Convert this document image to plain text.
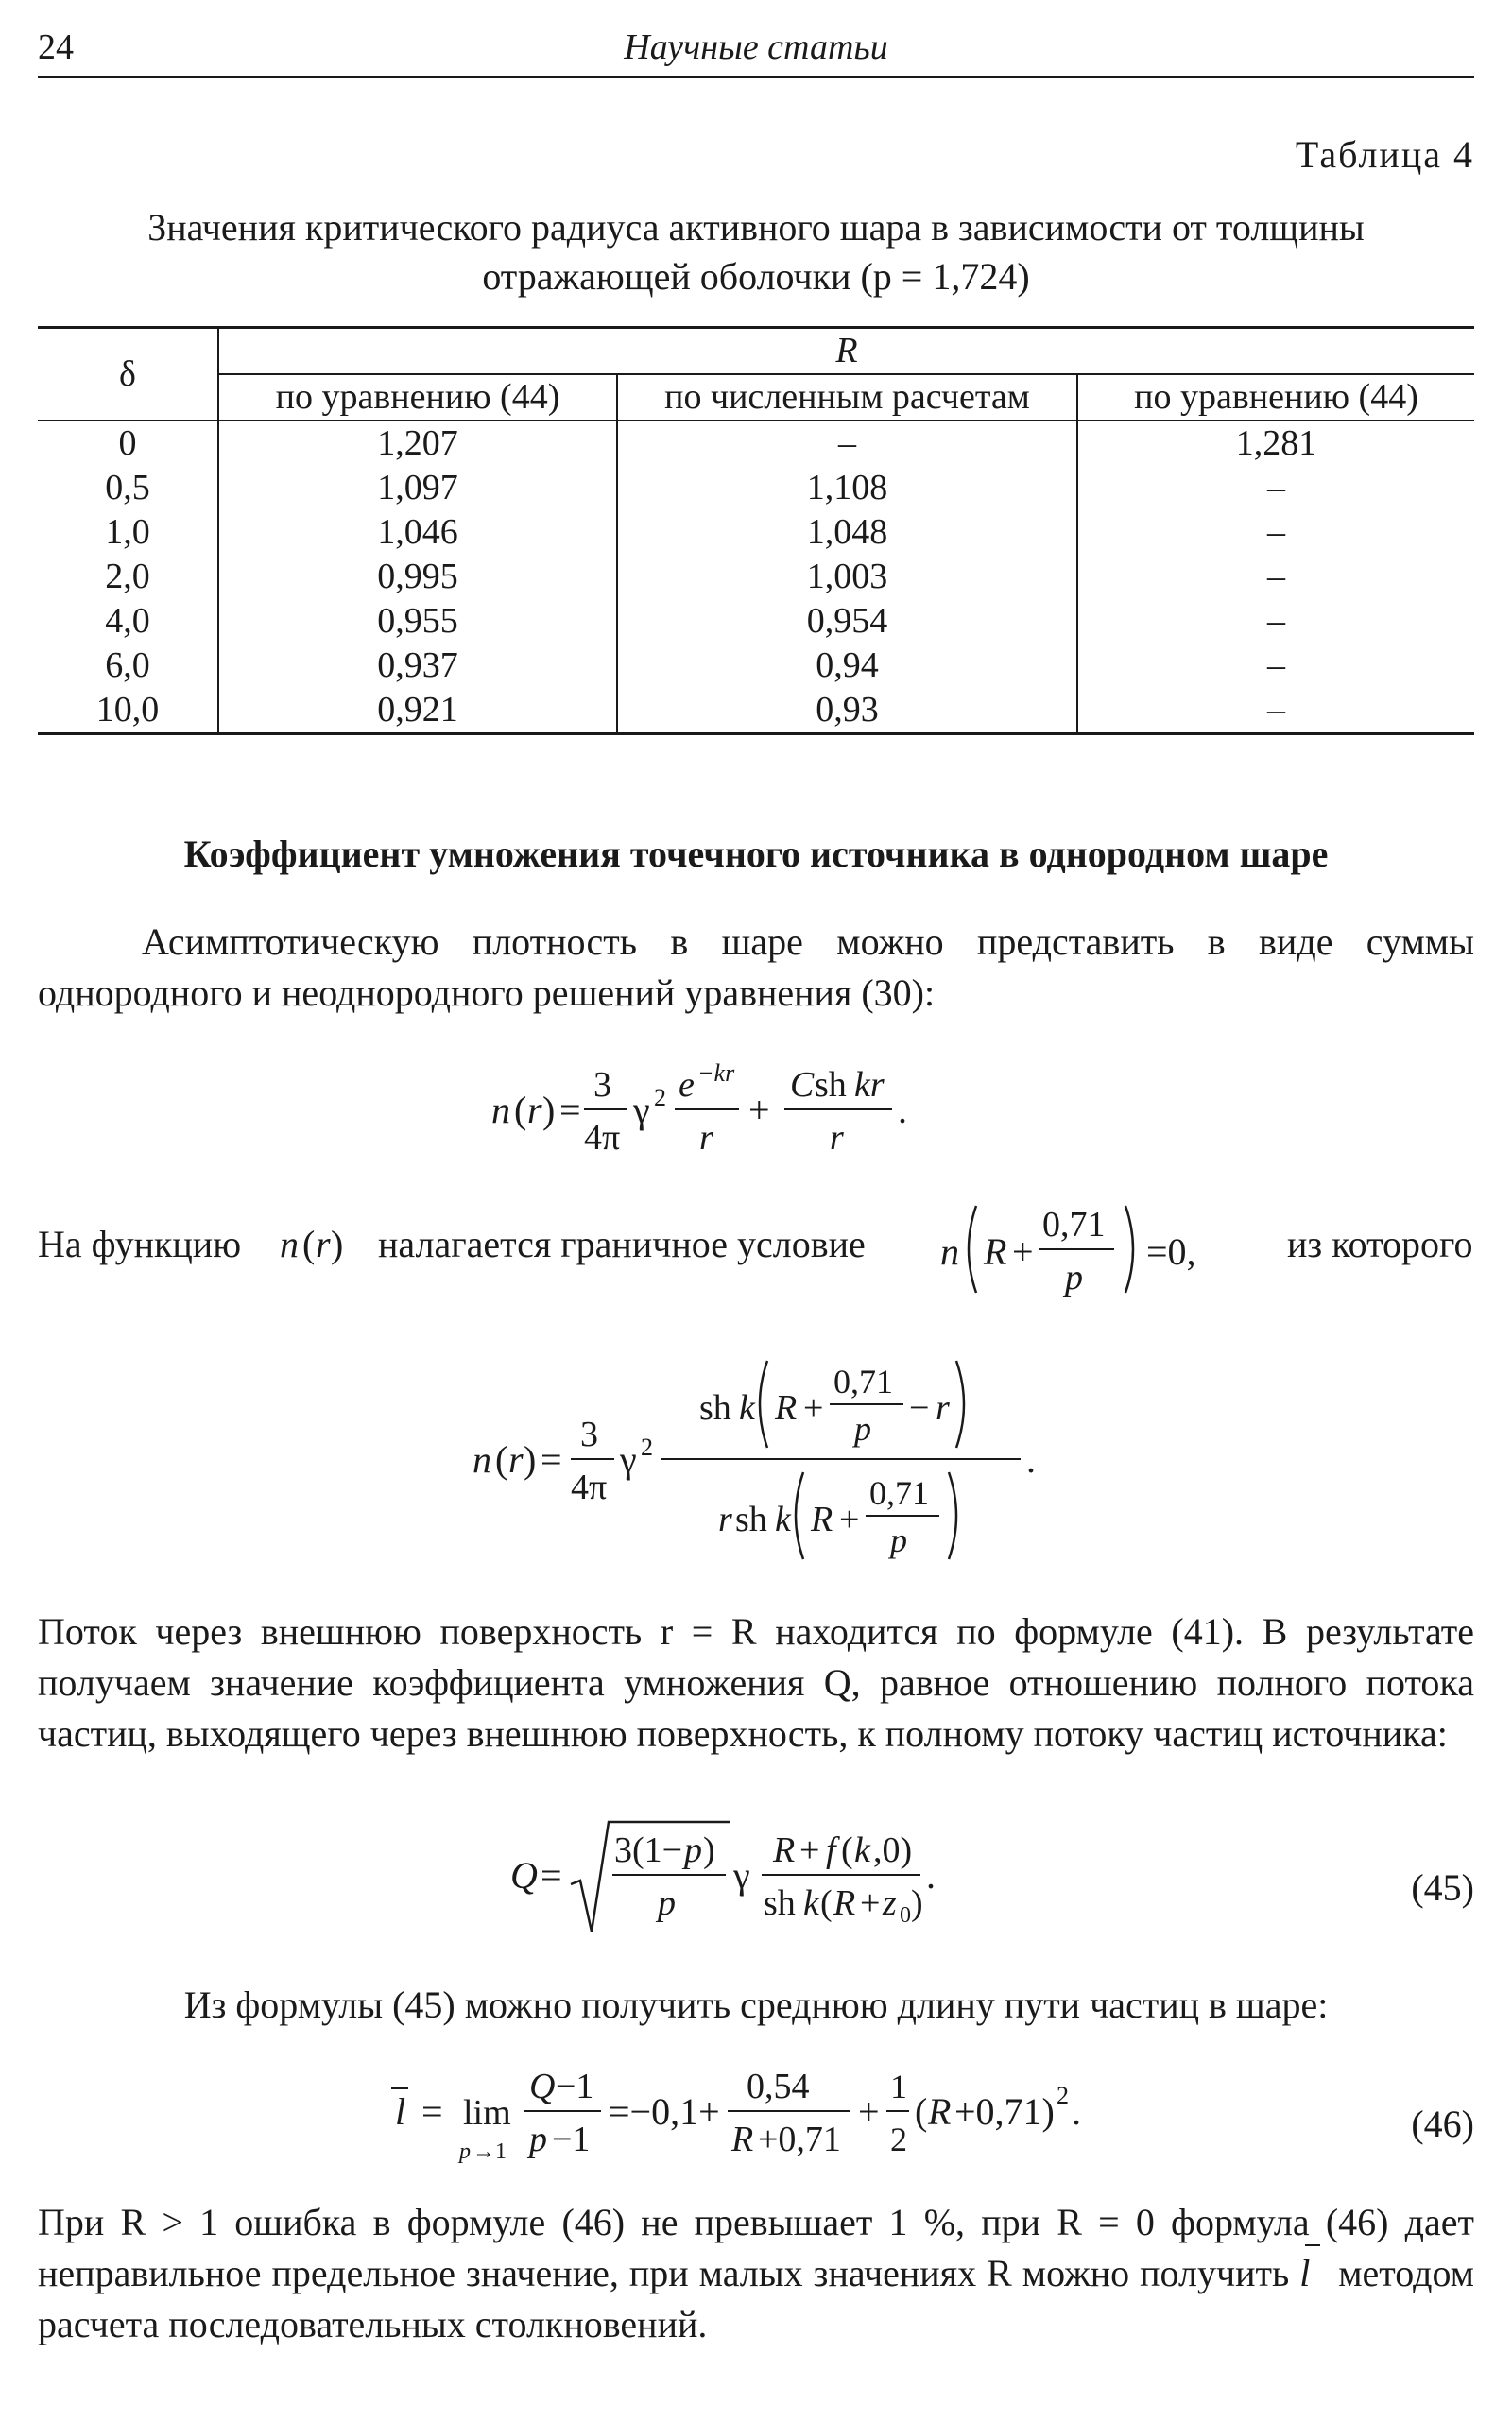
24	Научные статьи
Таблица 4
Значения критического радиуса активного шара в зависимости от толщины отражающей оболочки (p = 1,724)
δ	R		
	по уравнению (44)	по численным расчетам	по уравнению (44)
0	1,207	–	1,281
0,5	1,097	1,108	–
1,0	1,046	1,048	–
2,0	0,995	1,003	–
4,0	0,955	0,954	–
6,0	0,937	0,94	–
10,0	0,921	0,93	–
Коэффициент умножения точечного источника в однородном шаре
Асимптотическую плотность в шаре можно представить в виде суммы однородного и неоднородного решений уравнения (30):
n ( r ) =
3
4π
γ 2 e −kr
r
+
C sh kr
r
.
На функцию n ( r ) налагается граничное условие n R +
0,71
p
=0, из которого
n ( r ) =
3
4π
γ 2
sh k R +
0,71
p
− r
r sh k R +
0,71
p
.
Поток через внешнюю поверхность r = R находится по формуле (41). В результате получаем значение коэффициента умножения Q, равное отношению полного потока частиц, выходящего через внешнюю поверхность, к полному потоку частиц источника:
Q =
3(1− p )
p
γ
R + f ( k ,0)
sh k ( R + z 0 )
.	(45)
Из формулы (45) можно получить среднюю длину пути частиц в шаре:
l = lim
p →1
Q −1
p −1
=−0,1+
0,54
R +0,71
+
1
2
( R +0,71) 2 .	(46)
При R > 1 ошибка в формуле (46) не превышает 1 %, при R = 0 формула (46) дает неправильное предельное значение, при малых значениях R можно получить l методом расчета последовательных столкновений.
